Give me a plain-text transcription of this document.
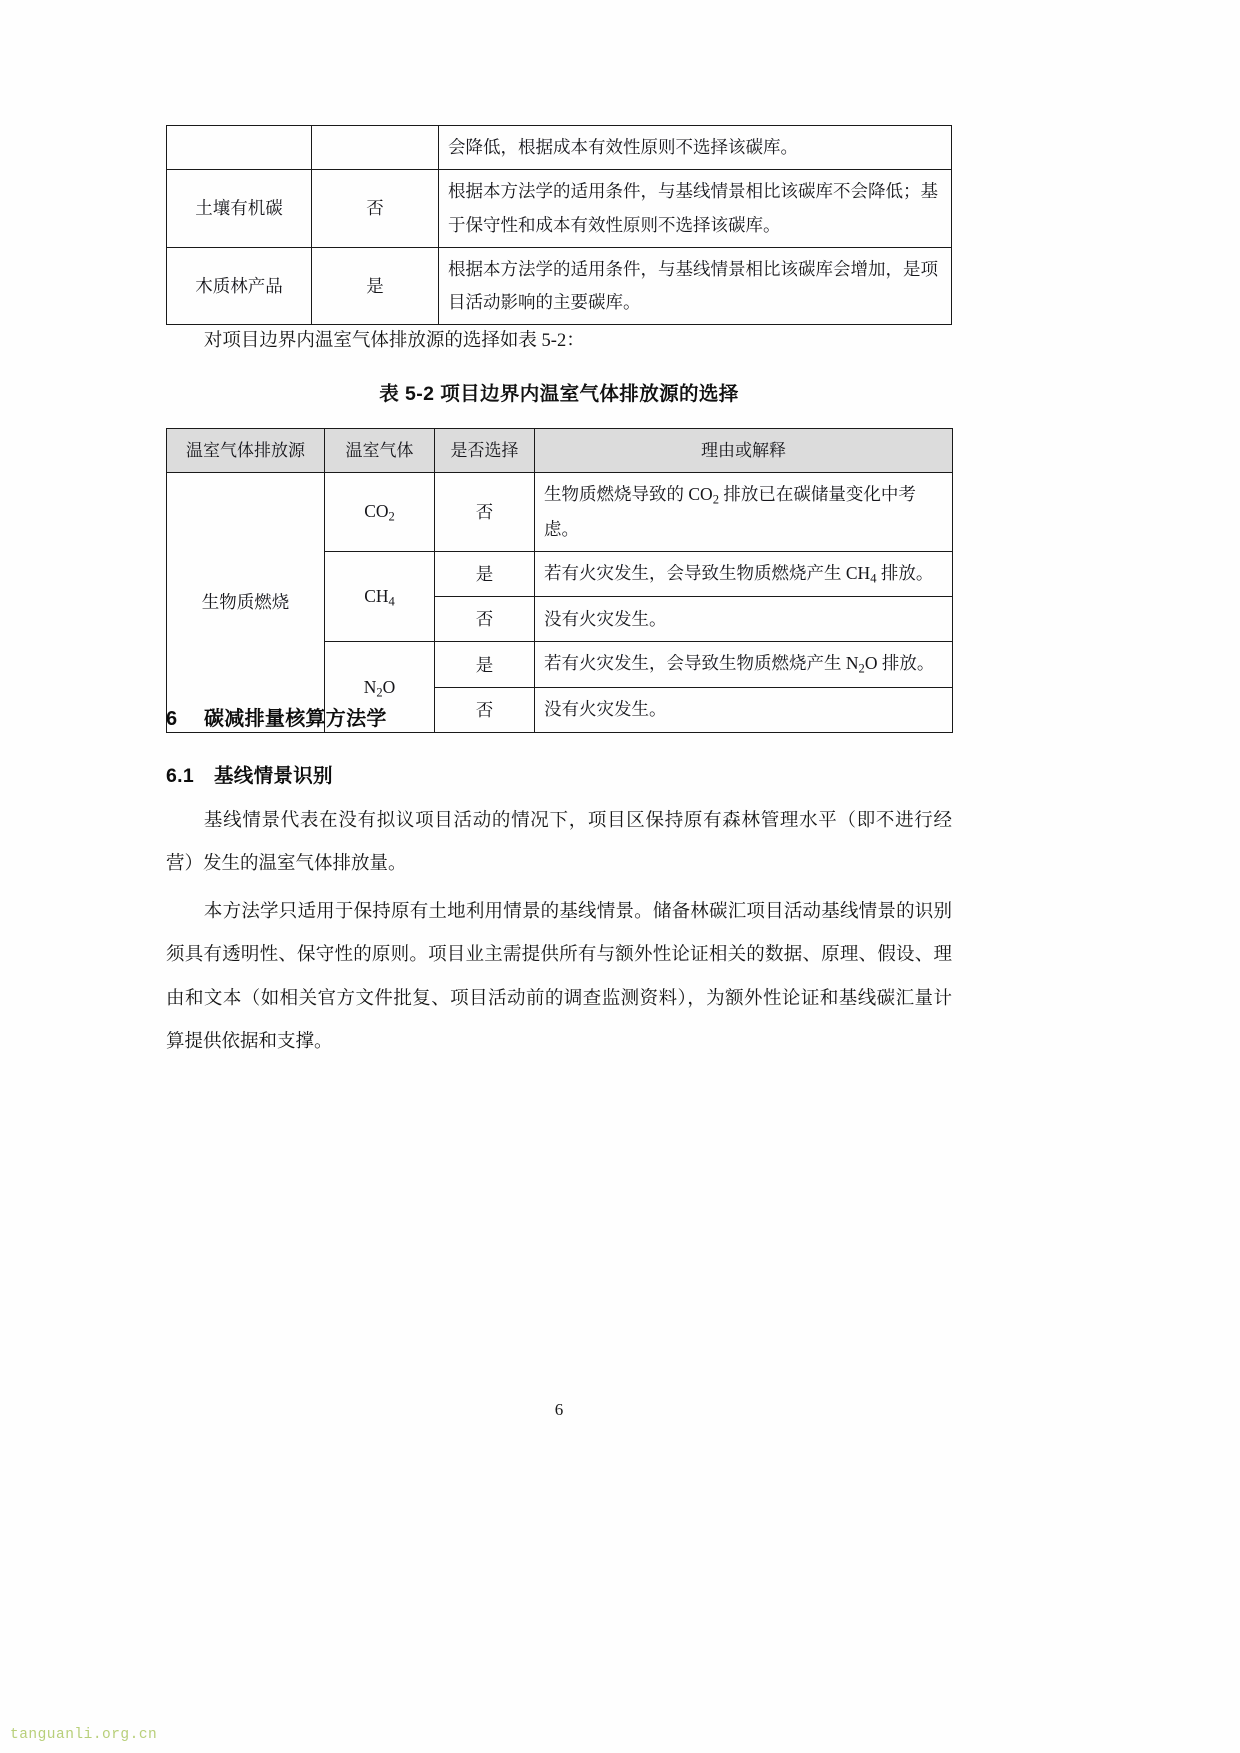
		会降低，根据成本有效性原则不选择该碳库。
土壤有机碳	否	根据本方法学的适用条件，与基线情景相比该碳库不会降低；基于保守性和成本有效性原则不选择该碳库。
木质林产品	是	根据本方法学的适用条件，与基线情景相比该碳库会增加，是项目活动影响的主要碳库。

对项目边界内温室气体排放源的选择如表 5-2：

表 5-2 项目边界内温室气体排放源的选择
温室气体排放源	温室气体	是否选择	理由或解释
生物质燃烧	$CO_2$	否	生物质燃烧导致的 $CO_2$ 排放已在碳储量变化中考虑。
	$CH_4$	是	若有火灾发生，会导致生物质燃烧产生 $CH_4$ 排放。
		否	没有火灾发生。
	$N_2O$	是	若有火灾发生，会导致生物质燃烧产生 $N_2O$ 排放。
		否	没有火灾发生。
6 碳减排量核算方法学
6.1 基线情景识别

基线情景代表在没有拟议项目活动的情况下，项目区保持原有森林管理水平（即不进行经营）发生的温室气体排放量。

本方法学只适用于保持原有土地利用情景的基线情景。储备林碳汇项目活动基线情景的识别须具有透明性、保守性的原则。项目业主需提供所有与额外性论证相关的数据、原理、假设、理由和文本（如相关官方文件批复、项目活动前的调查监测资料），为额外性论证和基线碳汇量计算提供依据和支撑。

6
tanguanli.org.cn
